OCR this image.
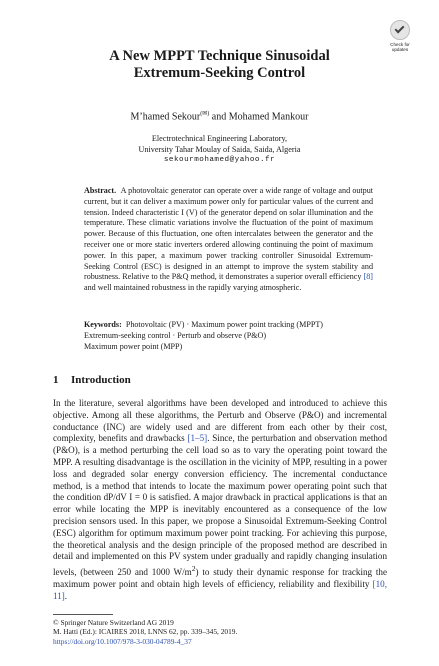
Check for
updates
A New MPPT Technique Sinusoidal
Extremum-Seeking Control
M’hamed Sekour(✉) and Mohamed Mankour
Electrotechnical Engineering Laboratory,
University Tahar Moulay of Saida, Saida, Algeria
sekourmohamed@yahoo.fr
Abstract. A photovoltaic generator can operate over a wide range of voltage and output current, but it can deliver a maximum power only for particular values of the current and tension. Indeed characteristic I (V) of the generator depend on solar illumination and the temperature. These climatic variations involve the fluctuation of the point of maximum power. Because of this fluctuation, one often intercalates between the generator and the receiver one or more static inverters ordered allowing continuing the point of maximum power. In this paper, a maximum power tracking controller Sinusoidal Extremum-Seeking Control (ESC) is designed in an attempt to improve the system stability and robustness. Relative to the P&Q method, it demonstrates a superior overall efficiency [8] and well maintained robustness in the rapidly varying atmospheric.
Keywords: Photovoltaic (PV) · Maximum power point tracking (MPPT)
Extremum-seeking control · Perturb and observe (P&O)
Maximum power point (MPP)
1 Introduction
In the literature, several algorithms have been developed and introduced to achieve this objective. Among all these algorithms, the Perturb and Observe (P&O) and incremental conductance (INC) are widely used and are different from each other by their cost, complexity, benefits and drawbacks [1–5]. Since, the perturbation and observation method (P&O), is a method perturbing the cell load so as to vary the operating point toward the MPP. A resulting disadvantage is the oscillation in the vicinity of MPP, resulting in a power loss and degraded solar energy conversion efficiency. The incremental conductance method, is a method that intends to locate the maximum power operating point such that the condition dP/dV I = 0 is satisfied. A major drawback in practical applications is that an error while locating the MPP is inevitably encountered as a consequence of the low precision sensors used. In this paper, we propose a Sinusoidal Extremum-Seeking Control (ESC) algorithm for optimum maximum power point tracking. For achieving this purpose, the theoretical analysis and the design principle of the proposed method are described in detail and implemented on this PV system under gradually and rapidly changing insulation levels, (between 250 and 1000 $W/m^2$) to study their dynamic response for tracking the maximum power point and obtain high levels of efficiency, reliability and flexibility [10, 11].
© Springer Nature Switzerland AG 2019
M. Hatti (Ed.): ICAIRES 2018, LNNS 62, pp. 339–345, 2019.
https://doi.org/10.1007/978-3-030-04789-4_37
